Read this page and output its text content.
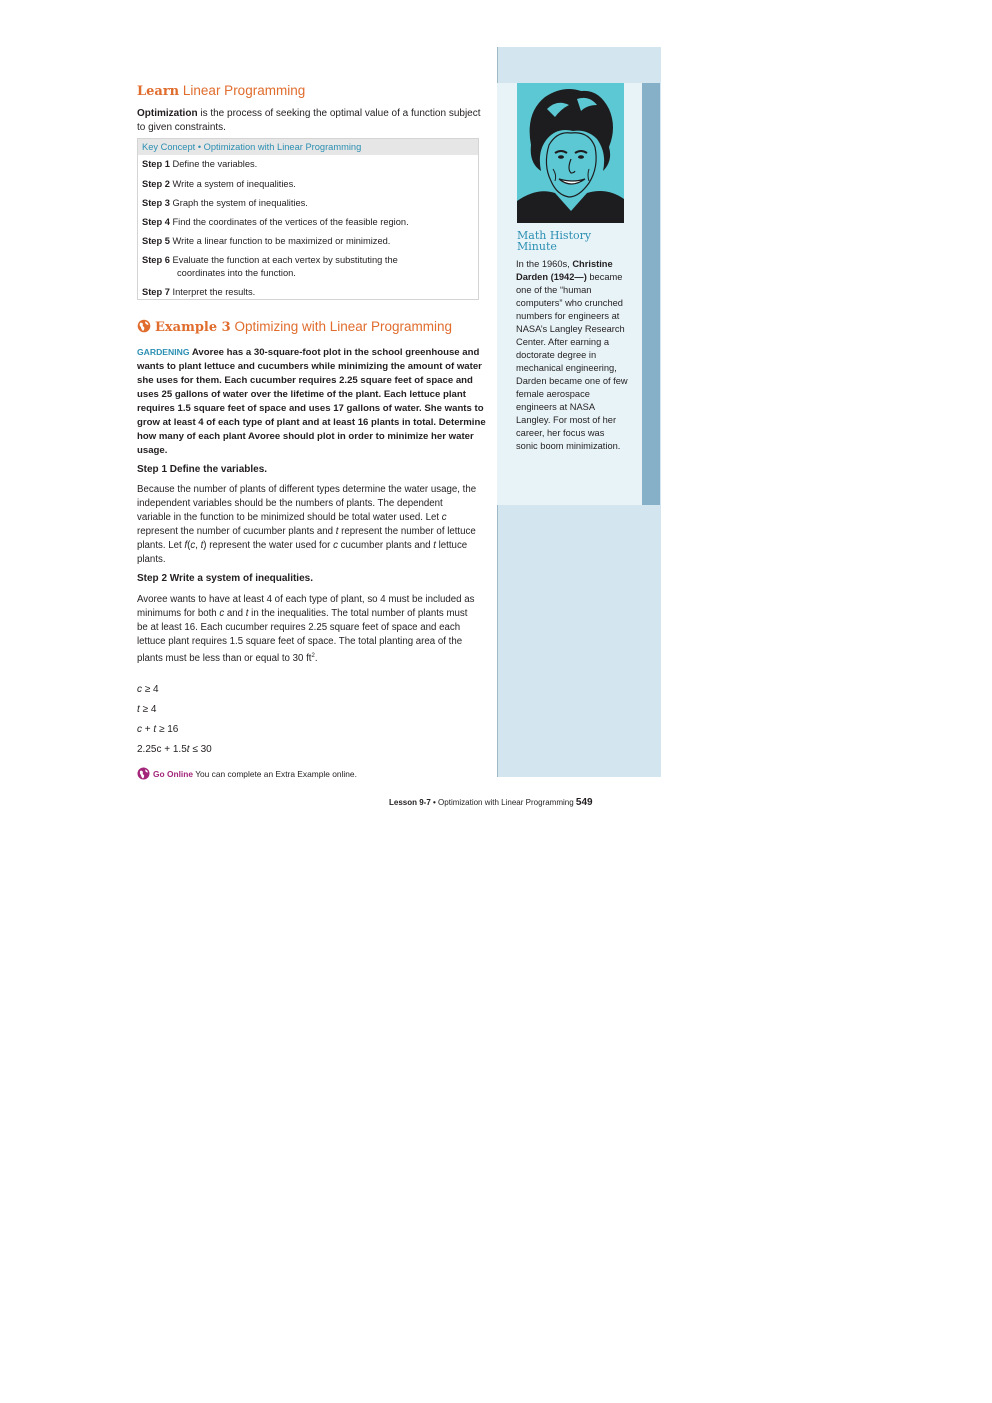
Math History Minute
In the 1960s, Christine Darden (1942—) became one of the “human computers” who crunched numbers for engineers at NASA’s Langley Research Center. After earning a doctorate degree in mechanical engineering, Darden became one of few female aerospace engineers at NASA Langley. For most of her career, her focus was sonic boom minimization.
Learn Linear Programming
Optimization is the process of seeking the optimal value of a function subject to given constraints.
Key Concept • Optimization with Linear Programming
Step 1 Define the variables.
Step 2 Write a system of inequalities.
Step 3 Graph the system of inequalities.
Step 4 Find the coordinates of the vertices of the feasible region.
Step 5 Write a linear function to be maximized or minimized.
Step 6 Evaluate the function at each vertex by substituting the
coordinates into the function.
Step 7 Interpret the results.
Example 3 Optimizing with Linear Programming
GARDENING Avoree has a 30-square-foot plot in the school greenhouse and wants to plant lettuce and cucumbers while minimizing the amount of water she uses for them. Each cucumber requires 2.25 square feet of space and uses 25 gallons of water over the lifetime of the plant. Each lettuce plant requires 1.5 square feet of space and uses 17 gallons of water. She wants to grow at least 4 of each type of plant and at least 16 plants in total. Determine how many of each plant Avoree should plot in order to minimize her water usage.
Step 1 Define the variables.
Because the number of plants of different types determine the water usage, the independent variables should be the numbers of plants. The dependent variable in the function to be minimized should be total water used. Let c represent the number of cucumber plants and t represent the number of lettuce plants. Let f(c, t) represent the water used for c cucumber plants and t lettuce plants.
Step 2 Write a system of inequalities.
Avoree wants to have at least 4 of each type of plant, so 4 must be included as minimums for both c and t in the inequalities. The total number of plants must be at least 16. Each cucumber requires 2.25 square feet of space and each lettuce plant requires 1.5 square feet of space. The total planting area of the plants must be less than or equal to 30 $ft^2$.
c ≥ 4
t ≥ 4
c + t ≥ 16
2.25c + 1.5t ≤ 30
Go Online You can complete an Extra Example online.
Lesson 9-7 • Optimization with Linear Programming 549
